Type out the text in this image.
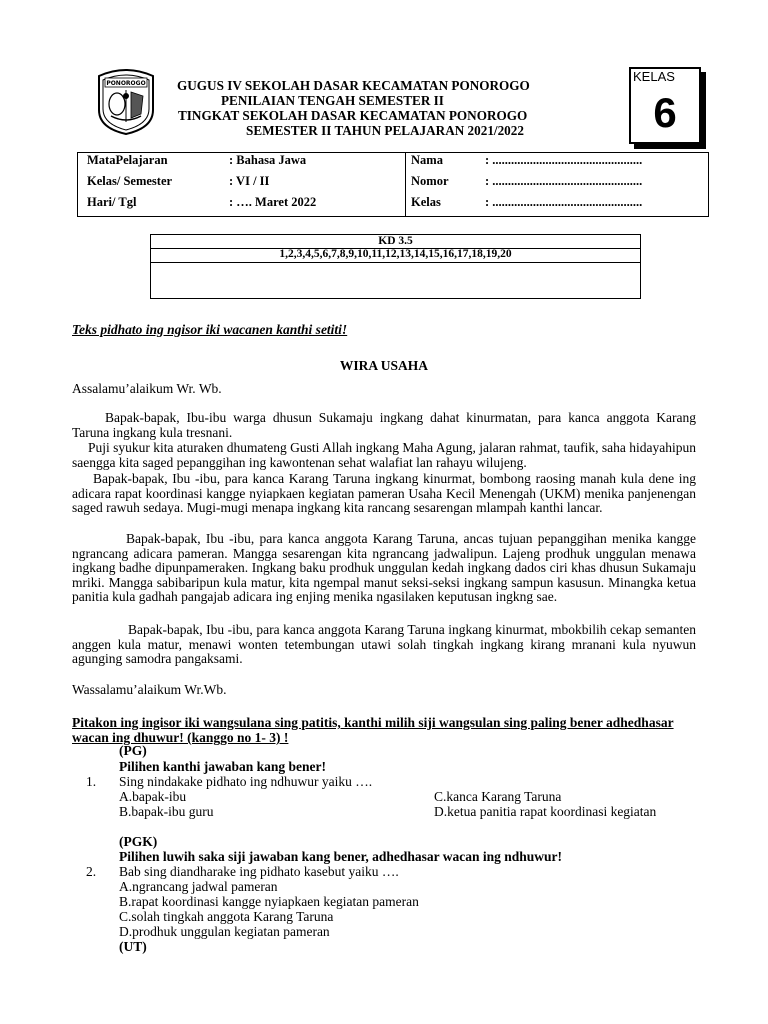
PONOROGO GUGUS IV SEKOLAH DASAR KECAMATAN PONOROGO
PENILAIAN TENGAH SEMESTER II
TINGKAT SEKOLAH DASAR KECAMATAN PONOROGO
SEMESTER II TAHUN PELAJARAN 2021/2022
KELAS
6
MataPelajaran	: Bahasa Jawa
Kelas/ Semester	: VI / II
Hari/ Tgl	: …. Maret 2022
Nama	: ................................................
Nomor	: ................................................
Kelas	: ................................................
KD 3.5
1,2,3,4,5,6,7,8,9,10,11,12,13,14,15,16,17,18,19,20
Teks pidhato ing ngisor iki wacanen kanthi setiti!
WIRA USAHA
Assalamu’alaikum Wr. Wb.
Bapak-bapak, Ibu-ibu warga dhusun Sukamaju ingkang dahat kinurmatan, para kanca anggota Karang Taruna ingkang kula tresnani.
Puji syukur kita aturaken dhumateng Gusti Allah ingkang Maha Agung, jalaran rahmat, taufik, saha hidayahipun saengga kita saged pepanggihan ing kawontenan sehat walafiat lan rahayu wilujeng.
Bapak-bapak, Ibu -ibu, para kanca Karang Taruna ingkang kinurmat, bombong raosing manah kula dene ing adicara rapat koordinasi kangge nyiapkaen kegiatan pameran Usaha Kecil Menengah (UKM) menika panjenengan saged rawuh sedaya. Mugi-mugi menapa ingkang kita rancang sesarengan mlampah kanthi lancar.
Bapak-bapak, Ibu -ibu, para kanca anggota Karang Taruna, ancas tujuan pepanggihan menika kangge ngrancang adicara pameran. Mangga sesarengan kita ngrancang jadwalipun. Lajeng prodhuk unggulan menawa ingkang badhe dipunpameraken. Ingkang baku prodhuk unggulan kedah ingkang dados ciri khas dhusun Sukamaju mriki. Mangga sabibaripun kula matur, kita ngempal manut seksi-seksi ingkang sampun kasusun. Minangka ketua panitia kula gadhah pangajab adicara ing enjing menika ngasilaken keputusan ingkng sae.
Bapak-bapak, Ibu -ibu, para kanca anggota Karang Taruna ingkang kinurmat, mbokbilih cekap semanten anggen kula matur, menawi wonten tetembungan utawi solah tingkah ingkang kirang mranani kula nyuwun agunging samodra pangaksami.
Wassalamu’alaikum Wr.Wb.
Pitakon ing ingisor iki wangsulana sing patitis, kanthi milih siji wangsulan sing paling bener adhedhasar wacan ing dhuwur! (kanggo no 1- 3) !
(PG)
Pilihen kanthi jawaban kang bener!
1. Sing nindakake pidhato ing ndhuwur yaiku ….
A.bapak-ibu
B.bapak-ibu guru
C.kanca Karang Taruna
D.ketua panitia rapat koordinasi kegiatan
(PGK)
Pilihen luwih saka siji jawaban kang bener, adhedhasar wacan ing ndhuwur!
2. Bab sing diandharake ing pidhato kasebut yaiku ….
A.ngrancang jadwal pameran
B.rapat koordinasi kangge nyiapkaen kegiatan pameran
C.solah tingkah anggota Karang Taruna
D.prodhuk unggulan kegiatan pameran
(UT)
